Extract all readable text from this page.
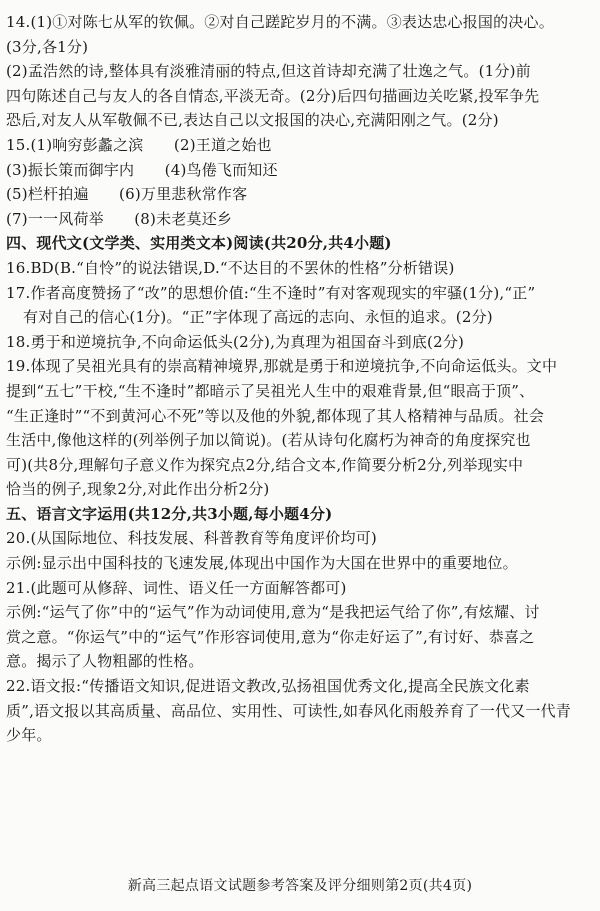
14.(1)①对陈七从军的钦佩。②对自己蹉跎岁月的不满。③表达忠心报国的决心。
(3分,各1分)
(2)孟浩然的诗,整体具有淡雅清丽的特点,但这首诗却充满了壮逸之气。(1分)前
四句陈述自己与友人的各自情态,平淡无奇。(2分)后四句描画边关吃紧,投军争先
恐后,对友人从军敬佩不已,表达自己以文报国的决心,充满阳刚之气。(2分)
15.(1)响穷彭蠡之滨　　(2)王道之始也
(3)振长策而御宇内　　(4)鸟倦飞而知还
(5)栏杆拍遍　　(6)万里悲秋常作客
(7)一一风荷举　　(8)未老莫还乡
四、现代文(文学类、实用类文本)阅读(共20分,共4小题)
16.BD(B.“自怜”的说法错误,D.“不达目的不罢休的性格”分析错误)
17.作者高度赞扬了“改”的思想价值:“生不逢时”有对客观现实的牢骚(1分),“正”
有对自己的信心(1分)。“正”字体现了高远的志向、永恒的追求。(2分)
18.勇于和逆境抗争,不向命运低头(2分),为真理为祖国奋斗到底(2分)
19.体现了吴祖光具有的崇高精神境界,那就是勇于和逆境抗争,不向命运低头。文中
提到“五七”干校,“生不逢时”都暗示了吴祖光人生中的艰难背景,但“眼高于顶”、
“生正逢时”“不到黄河心不死”等以及他的外貌,都体现了其人格精神与品质。社会
生活中,像他这样的(列举例子加以简说)。(若从诗句化腐朽为神奇的角度探究也
可)(共8分,理解句子意义作为探究点2分,结合文本,作简要分析2分,列举现实中
恰当的例子,现象2分,对此作出分析2分)
五、语言文字运用(共12分,共3小题,每小题4分)
20.(从国际地位、科技发展、科普教育等角度评价均可)
示例:显示出中国科技的飞速发展,体现出中国作为大国在世界中的重要地位。
21.(此题可从修辞、词性、语义任一方面解答都可)
示例:“运气了你”中的“运气”作为动词使用,意为“是我把运气给了你”,有炫耀、讨
赏之意。“你运气”中的“运气”作形容词使用,意为“你走好运了”,有讨好、恭喜之
意。揭示了人物粗鄙的性格。
22.语文报:“传播语文知识,促进语文教改,弘扬祖国优秀文化,提高全民族文化素
质”,语文报以其高质量、高品位、实用性、可读性,如春风化雨般养育了一代又一代青
少年。
新高三起点语文试题参考答案及评分细则第2页(共4页)
